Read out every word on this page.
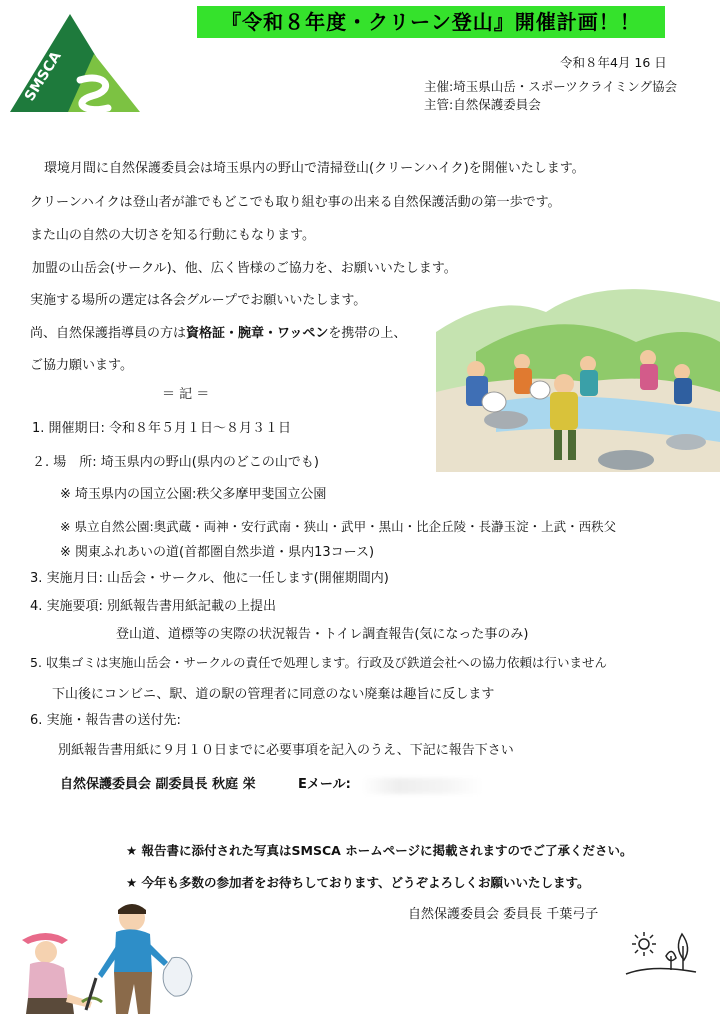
SMSCA
『令和８年度・クリーン登山』開催計画！！
令和８年4月 16 日
主催:埼玉県山岳・スポーツクライミング協会
主管:自然保護委員会
環境月間に自然保護委員会は埼玉県内の野山で清掃登山(クリーンハイク)を開催いたします。
クリーンハイクは登山者が誰でもどこでも取り組む事の出来る自然保護活動の第一歩です。
また山の自然の大切さを知る行動にもなります。
加盟の山岳会(サークル)、他、広く皆様のご協力を、お願いいたします。
実施する場所の選定は各会グループでお願いいたします。
尚、自然保護指導員の方は資格証・腕章・ワッペンを携帯の上、
ご協力願います。
＝ 記 ＝
1. 開催期日: 令和８年５月１日〜８月３１日
２. 場　所: 埼玉県内の野山(県内のどこの山でも)
※ 埼玉県内の国立公園:秩父多摩甲斐国立公園
※ 県立自然公園:奥武蔵・両神・安行武南・狭山・武甲・黒山・比企丘陵・長瀞玉淀・上武・西秩父
※ 関東ふれあいの道(首都圏自然歩道・県内13コース)
3. 実施月日: 山岳会・サークル、他に一任します(開催期間内)
4. 実施要項: 別紙報告書用紙記載の上提出
登山道、道標等の実際の状況報告・トイレ調査報告(気になった事のみ)
5. 収集ゴミは実施山岳会・サークルの責任で処理します。行政及び鉄道会社への協力依頼は行いません
下山後にコンビニ、駅、道の駅の管理者に同意のない廃棄は趣旨に反します
6. 実施・報告書の送付先:
別紙報告書用紙に９月１０日までに必要事項を記入のうえ、下記に報告下さい
自然保護委員会 副委員長 秋庭 栄	Eメール:
★ 報告書に添付された写真はSMSCA ホームページに掲載されますのでご了承ください。
★ 今年も多数の参加者をお待ちしております、どうぞよろしくお願いいたします。
自然保護委員会 委員長 千葉弓子
